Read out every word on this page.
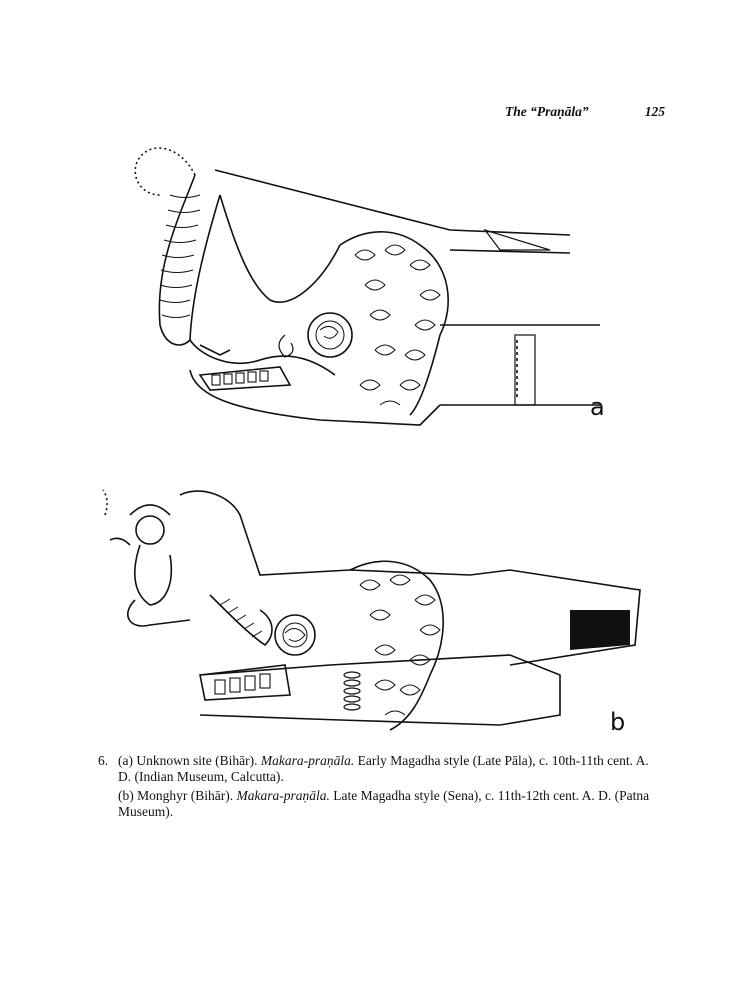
The “Praṇāla”	125
a
b
6. (a) Unknown site (Bihār). Makara-praṇāla. Early Magadha style (Late Pāla), c. 10th-11th cent. A. D. (Indian Museum, Calcutta).
(b) Monghyr (Bihār). Makara-praṇāla. Late Magadha style (Sena), c. 11th-12th cent. A. D. (Patna Museum).
